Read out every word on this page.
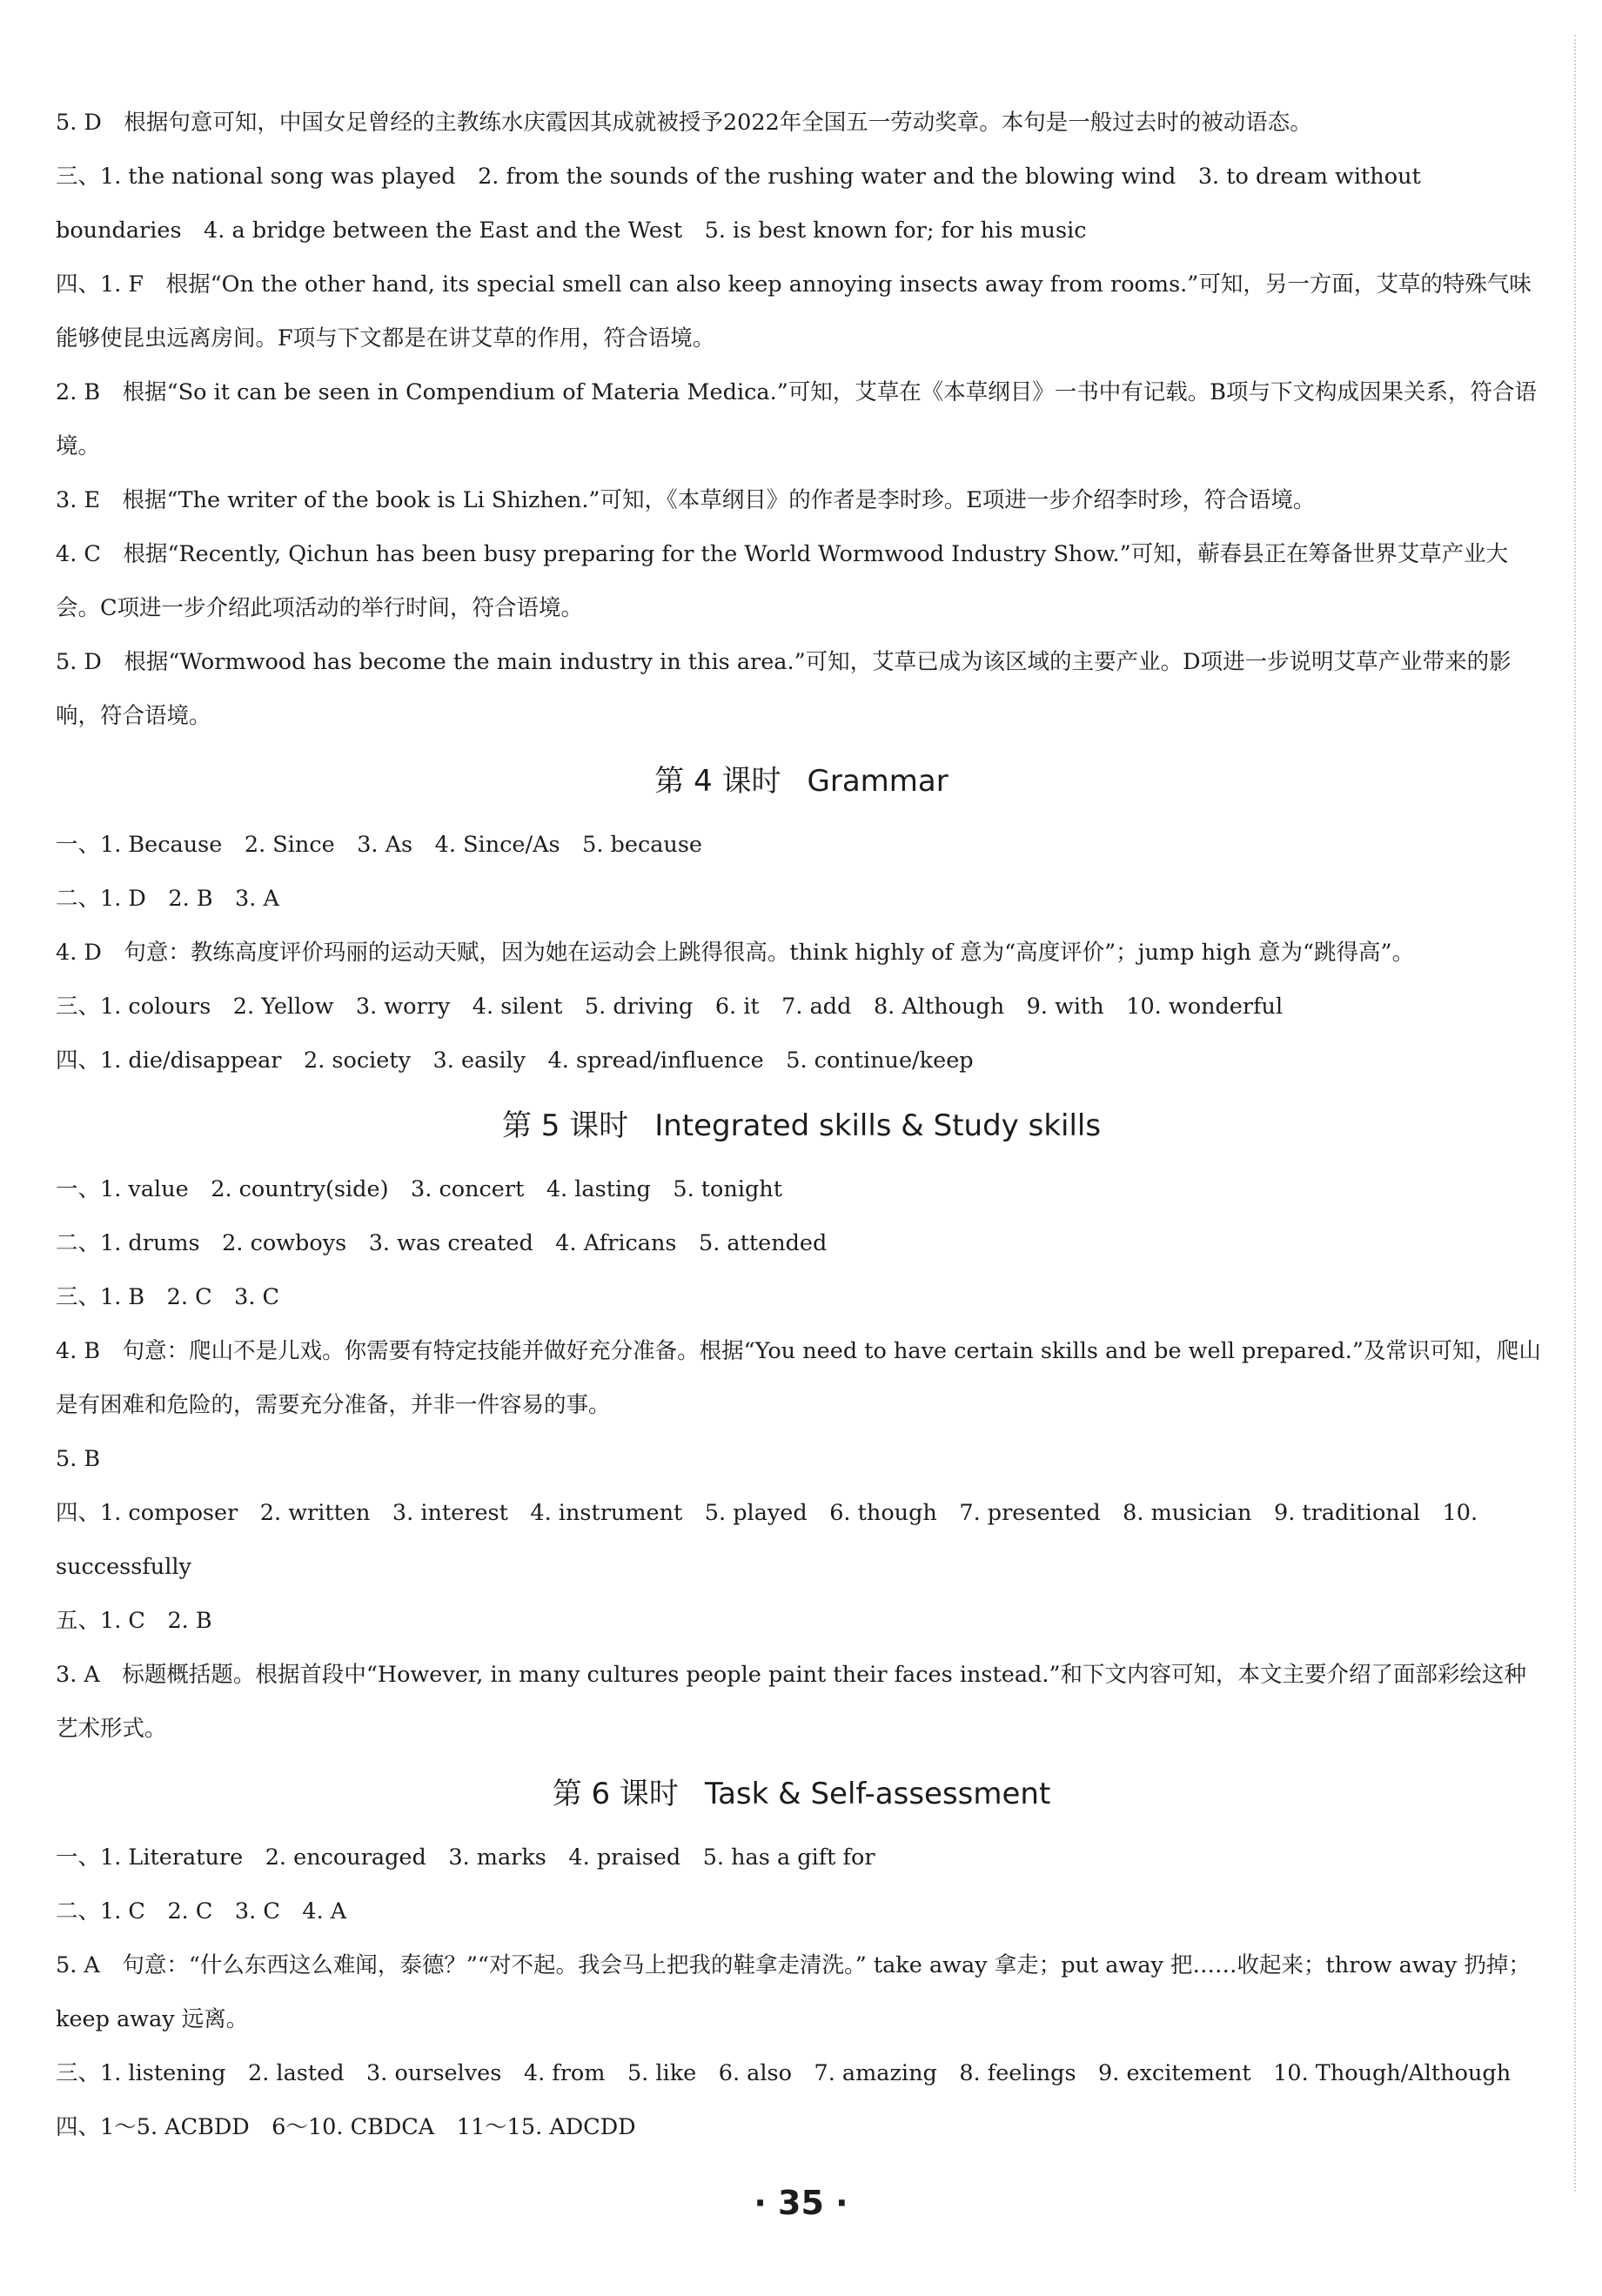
5. D　根据句意可知，中国女足曾经的主教练水庆霞因其成就被授予2022年全国五一劳动奖章。本句是一般过去时的被动语态。

三、1. the national song was played　2. from the sounds of the rushing water and the blowing wind　3. to dream without boundaries　4. a bridge between the East and the West　5. is best known for; for his music

四、1. F　根据“On the other hand, its special smell can also keep annoying insects away from rooms.”可知，另一方面，艾草的特殊气味能够使昆虫远离房间。F项与下文都是在讲艾草的作用，符合语境。

2. B　根据“So it can be seen in Compendium of Materia Medica.”可知，艾草在《本草纲目》一书中有记载。B项与下文构成因果关系，符合语境。

3. E　根据“The writer of the book is Li Shizhen.”可知，《本草纲目》的作者是李时珍。E项进一步介绍李时珍，符合语境。

4. C　根据“Recently, Qichun has been busy preparing for the World Wormwood Industry Show.”可知，蕲春县正在筹备世界艾草产业大会。C项进一步介绍此项活动的举行时间，符合语境。

5. D　根据“Wormwood has become the main industry in this area.”可知，艾草已成为该区域的主要产业。D项进一步说明艾草产业带来的影响，符合语境。

第 4 课时 Grammar

一、1. Because　2. Since　3. As　4. Since/As　5. because

二、1. D　2. B　3. A

4. D　句意：教练高度评价玛丽的运动天赋，因为她在运动会上跳得很高。think highly of 意为“高度评价”；jump high 意为“跳得高”。

三、1. colours　2. Yellow　3. worry　4. silent　5. driving　6. it　7. add　8. Although　9. with　10. wonderful

四、1. die/disappear　2. society　3. easily　4. spread/influence　5. continue/keep

第 5 课时 Integrated skills & Study skills

一、1. value　2. country(side)　3. concert　4. lasting　5. tonight

二、1. drums　2. cowboys　3. was created　4. Africans　5. attended

三、1. B　2. C　3. C

4. B　句意：爬山不是儿戏。你需要有特定技能并做好充分准备。根据“You need to have certain skills and be well prepared.”及常识可知，爬山是有困难和危险的，需要充分准备，并非一件容易的事。

5. B

四、1. composer　2. written　3. interest　4. instrument　5. played　6. though　7. presented　8. musician　9. traditional　10. successfully

五、1. C　2. B

3. A　标题概括题。根据首段中“However, in many cultures people paint their faces instead.”和下文内容可知，本文主要介绍了面部彩绘这种艺术形式。

第 6 课时 Task & Self-assessment

一、1. Literature　2. encouraged　3. marks　4. praised　5. has a gift for

二、1. C　2. C　3. C　4. A

5. A　句意：“什么东西这么难闻，泰德？”“对不起。我会马上把我的鞋拿走清洗。” take away 拿走；put away 把……收起来；throw away 扔掉；keep away 远离。

三、1. listening　2. lasted　3. ourselves　4. from　5. like　6. also　7. amazing　8. feelings　9. excitement　10. Though/Although

四、1～5. ACBDD　6～10. CBDCA　11～15. ADCDD

· 35 ·
